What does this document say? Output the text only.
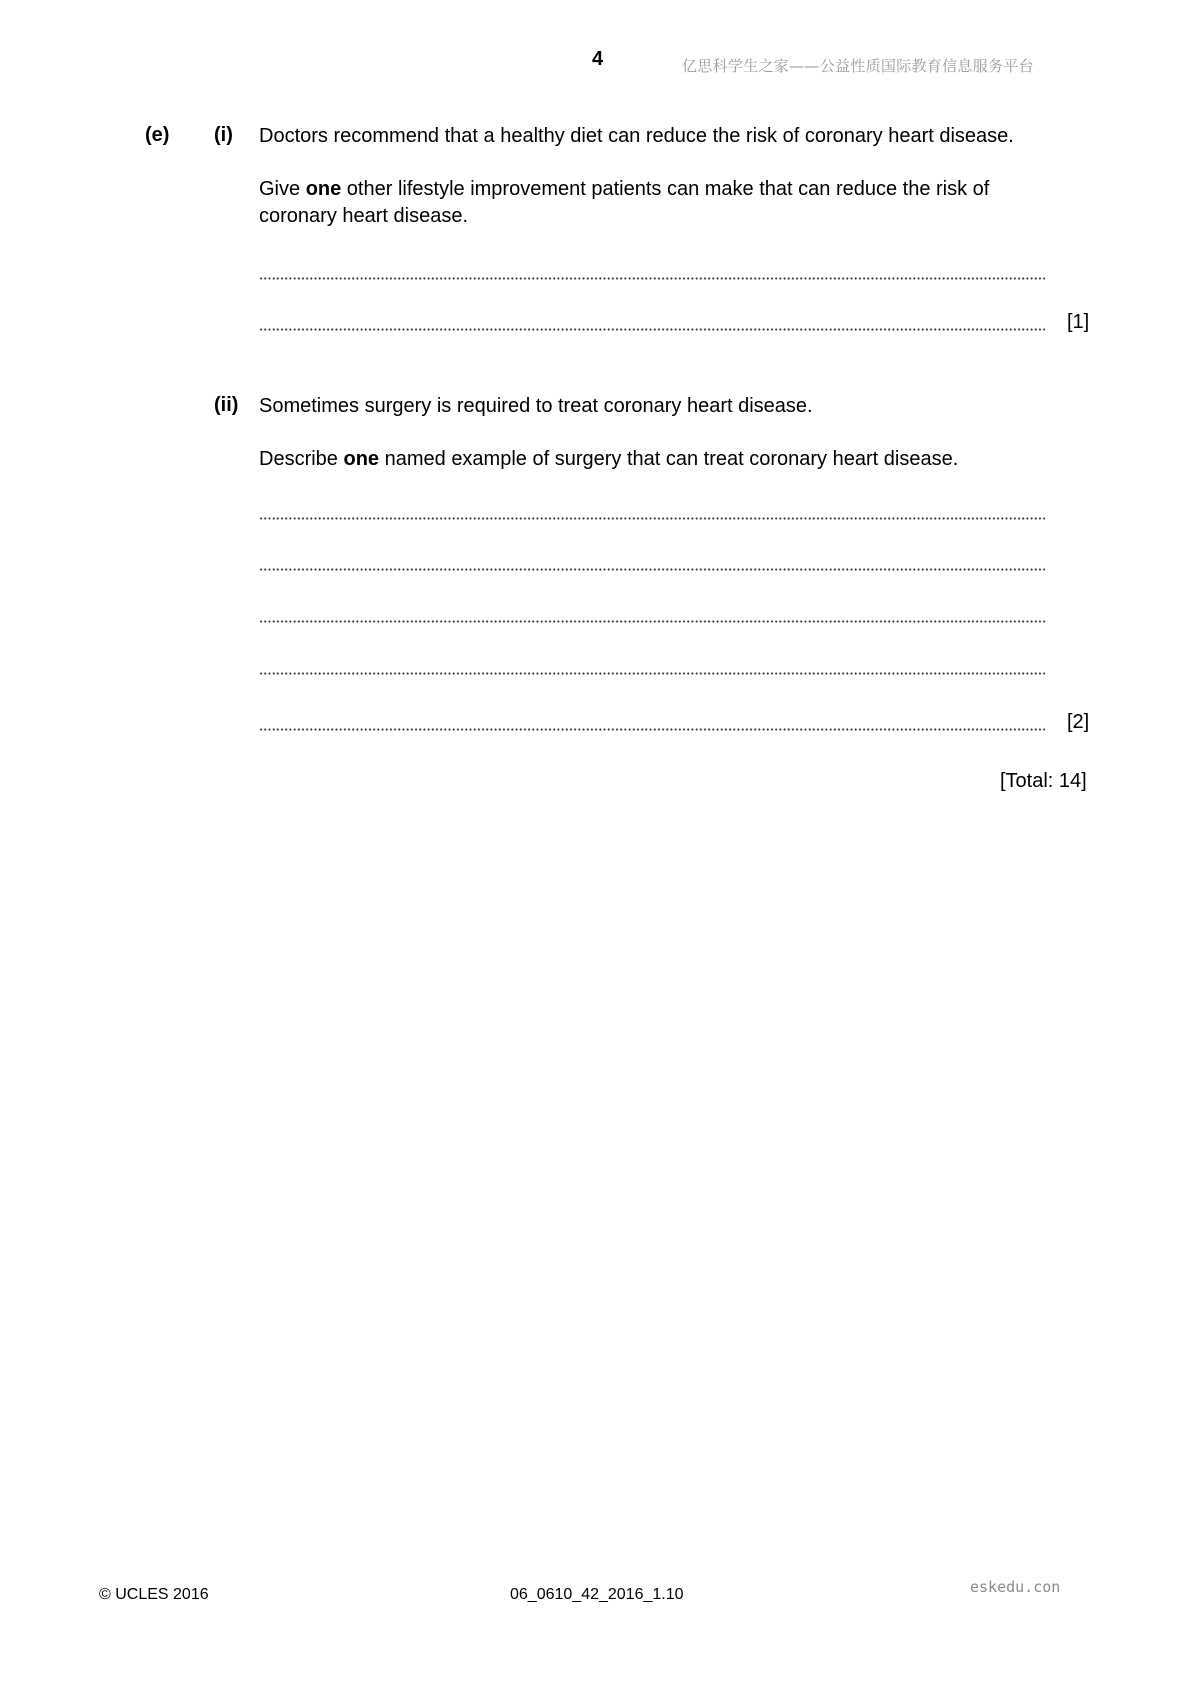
4	亿思科学生之家——公益性质国际教育信息服务平台
(e) (i) Doctors recommend that a healthy diet can reduce the risk of coronary heart disease.
Give one other lifestyle improvement patients can make that can reduce the risk of
coronary heart disease.
[1]
(ii) Sometimes surgery is required to treat coronary heart disease.
Describe one named example of surgery that can treat coronary heart disease.
[2]
[Total: 14]
© UCLES 2016	06_0610_42_2016_1.10	eskedu.con
